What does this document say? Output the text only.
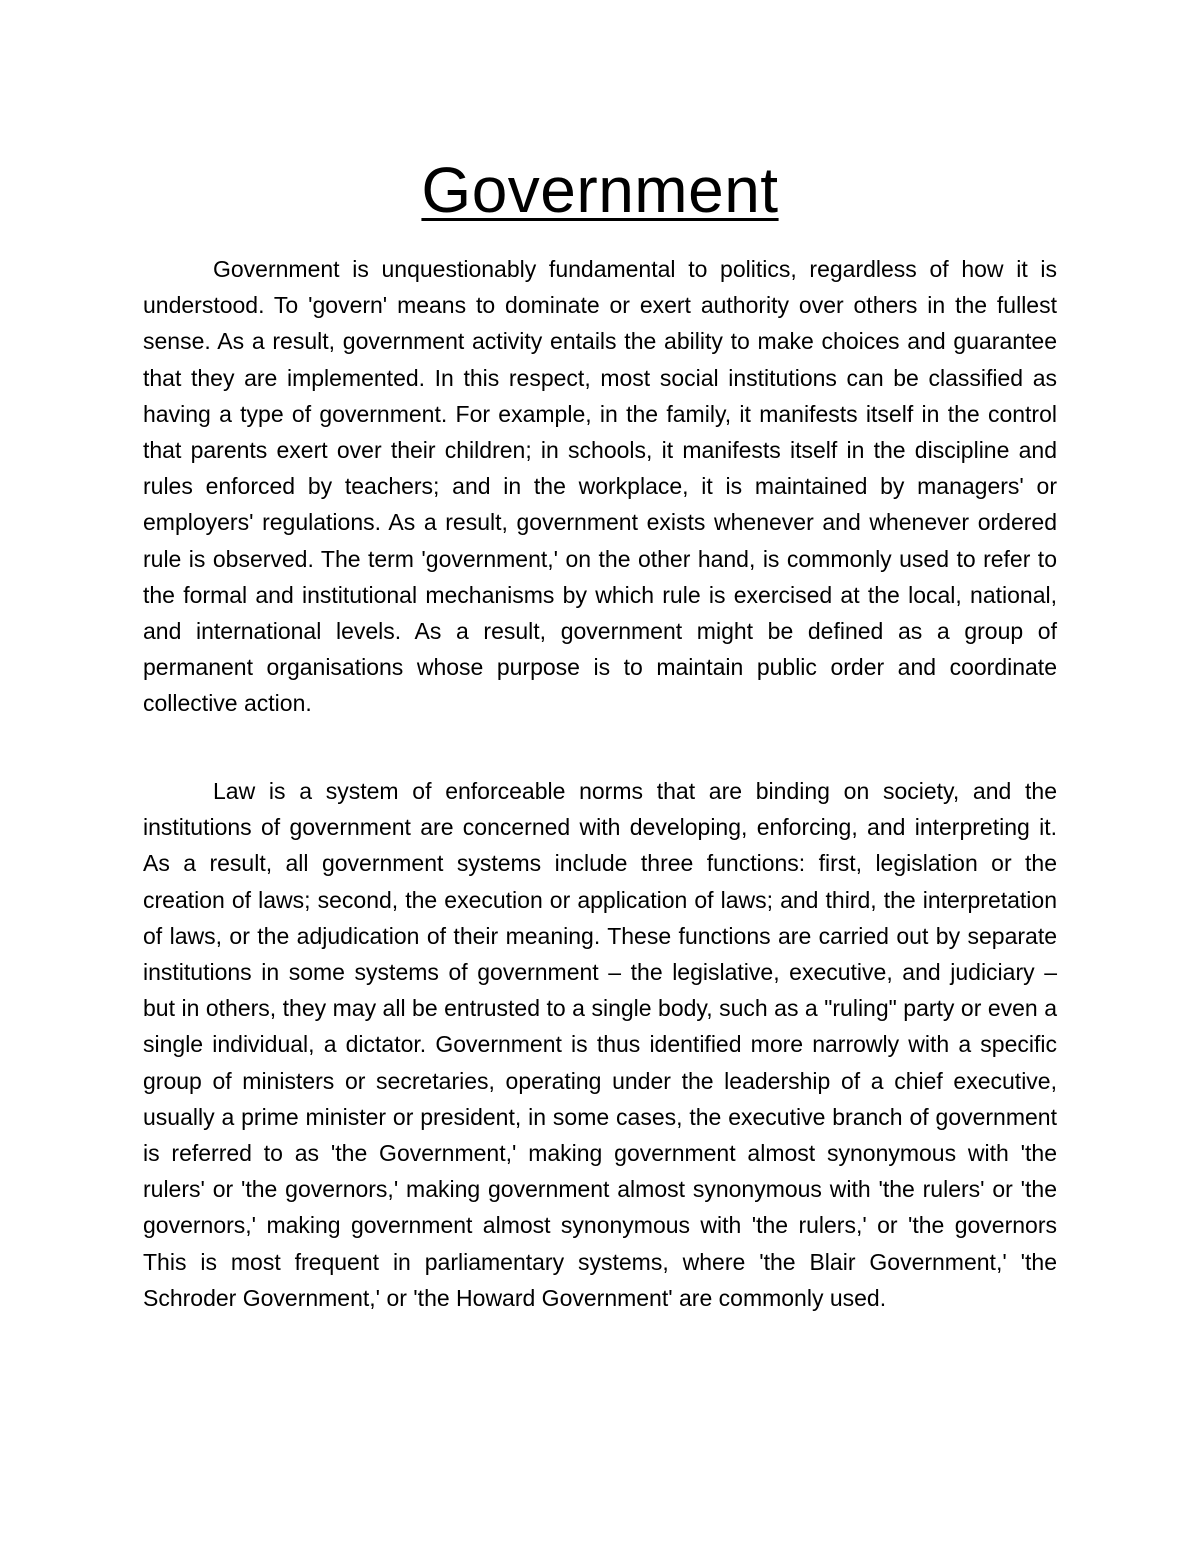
Government

Government is unquestionably fundamental to politics, regardless of how it is understood. To 'govern' means to dominate or exert authority over others in the fullest sense. As a result, government activity entails the ability to make choices and guarantee that they are implemented. In this respect, most social institutions can be classified as having a type of government. For example, in the family, it manifests itself in the control that parents exert over their children; in schools, it manifests itself in the discipline and rules enforced by teachers; and in the workplace, it is maintained by managers' or employers' regulations. As a result, government exists whenever and whenever ordered rule is observed. The term 'government,' on the other hand, is commonly used to refer to the formal and institutional mechanisms by which rule is exercised at the local, national, and international levels. As a result, government might be defined as a group of permanent organisations whose purpose is to maintain public order and coordinate collective action.

Law is a system of enforceable norms that are binding on society, and the institutions of government are concerned with developing, enforcing, and interpreting it. As a result, all government systems include three functions: first, legislation or the creation of laws; second, the execution or application of laws; and third, the interpretation of laws, or the adjudication of their meaning. These functions are carried out by separate institutions in some systems of government – the legislative, executive, and judiciary – but in others, they may all be entrusted to a single body, such as a "ruling" party or even a single individual, a dictator. Government is thus identified more narrowly with a specific group of ministers or secretaries, operating under the leadership of a chief executive, usually a prime minister or president, in some cases, the executive branch of government is referred to as 'the Government,' making government almost synonymous with 'the rulers' or 'the governors,' making government almost synonymous with 'the rulers' or 'the governors,' making government almost synonymous with 'the rulers,' or 'the governors This is most frequent in parliamentary systems, where 'the Blair Government,' 'the Schroder Government,' or 'the Howard Government' are commonly used.
